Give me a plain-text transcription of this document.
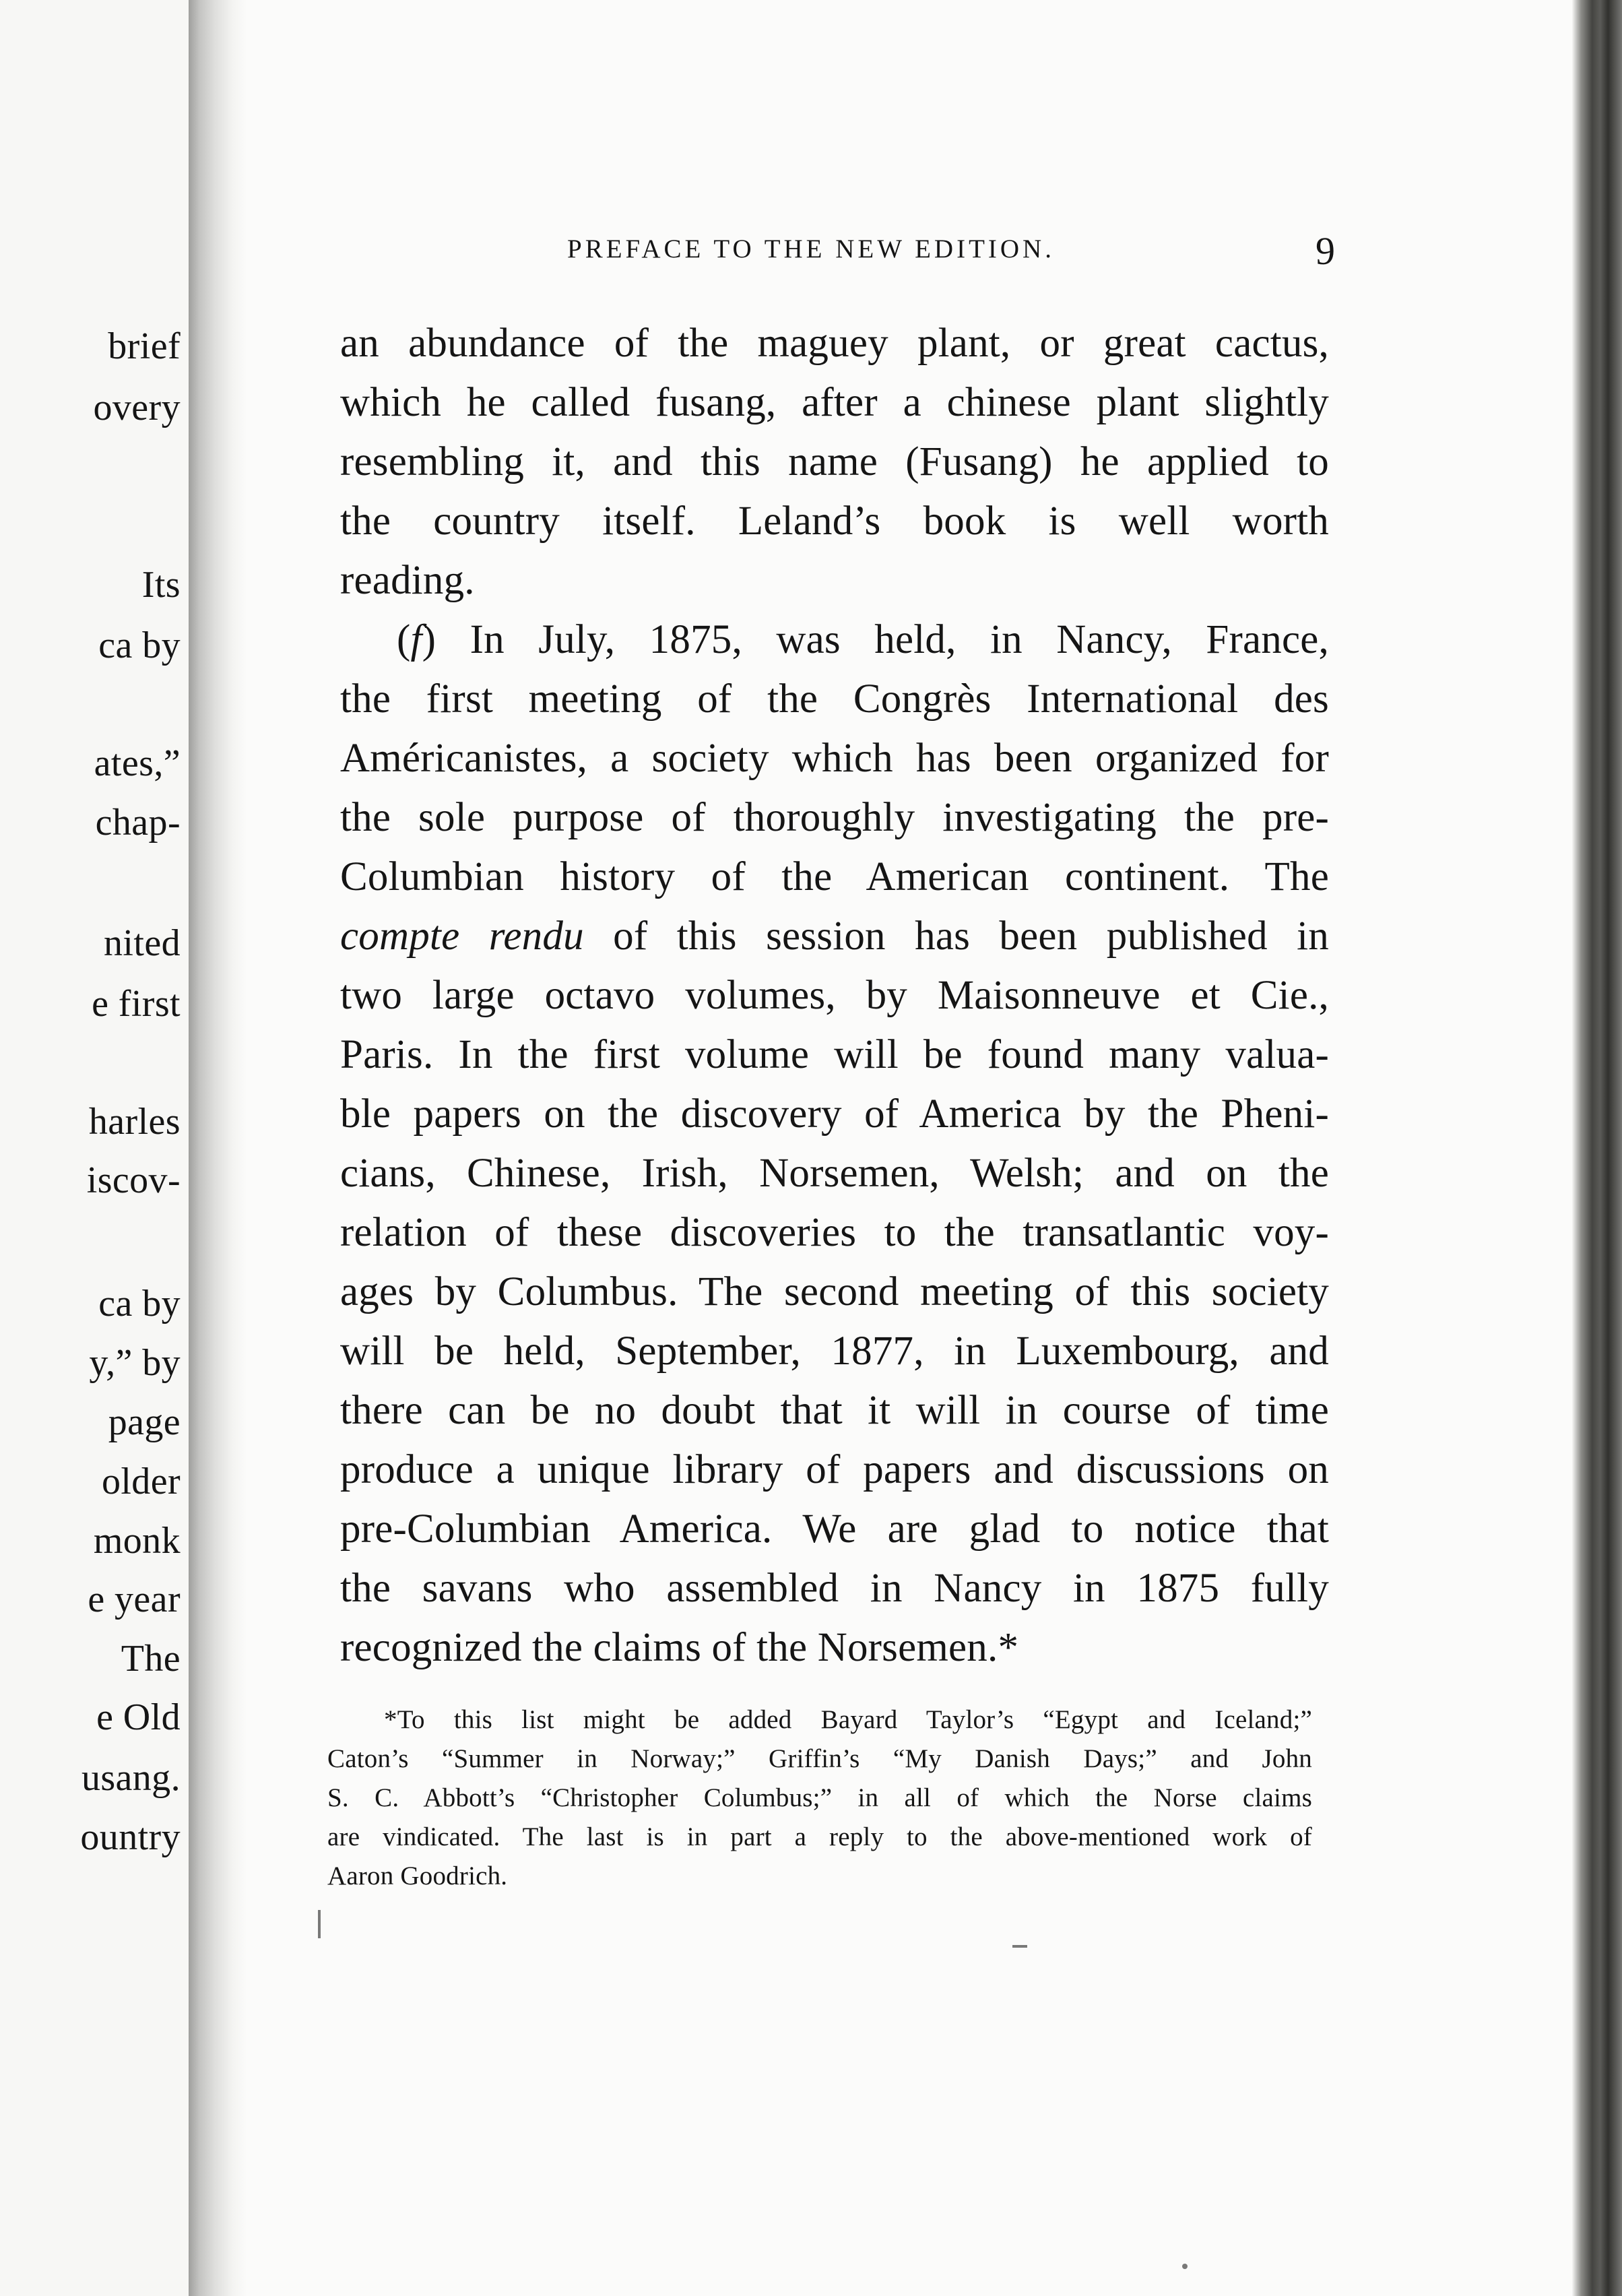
brief

overy

Its

ca by

ates,”

chap-

nited

e first

harles

iscov-

ca by

y,” by

page

older

monk

e year

The

e Old

usang.

ountry

PREFACE TO THE NEW EDITION.	9

an abundance of the maguey plant, or great cactus,

which he called fusang, after a chinese plant slightly

resembling it, and this name (Fusang) he applied to

the country itself. Leland’s book is well worth

reading.

(f) In July, 1875, was held, in Nancy, France,

the first meeting of the Congrès International des

Américanistes, a society which has been organized for

the sole purpose of thoroughly investigating the pre-

Columbian history of the American continent. The

compte rendu of this session has been published in

two large octavo volumes, by Maisonneuve et Cie.,

Paris. In the first volume will be found many valua-

ble papers on the discovery of America by the Pheni-

cians, Chinese, Irish, Norsemen, Welsh; and on the

relation of these discoveries to the transatlantic voy-

ages by Columbus. The second meeting of this society

will be held, September, 1877, in Luxembourg, and

there can be no doubt that it will in course of time

produce a unique library of papers and discussions on

pre-Columbian America. We are glad to notice that

the savans who assembled in Nancy in 1875 fully

recognized the claims of the Norsemen.*

*To this list might be added Bayard Taylor’s “Egypt and Iceland;”

Caton’s “Summer in Norway;” Griffin’s “My Danish Days;” and John

S. C. Abbott’s “Christopher Columbus;” in all of which the Norse claims

are vindicated. The last is in part a reply to the above-mentioned work of

Aaron Goodrich.
